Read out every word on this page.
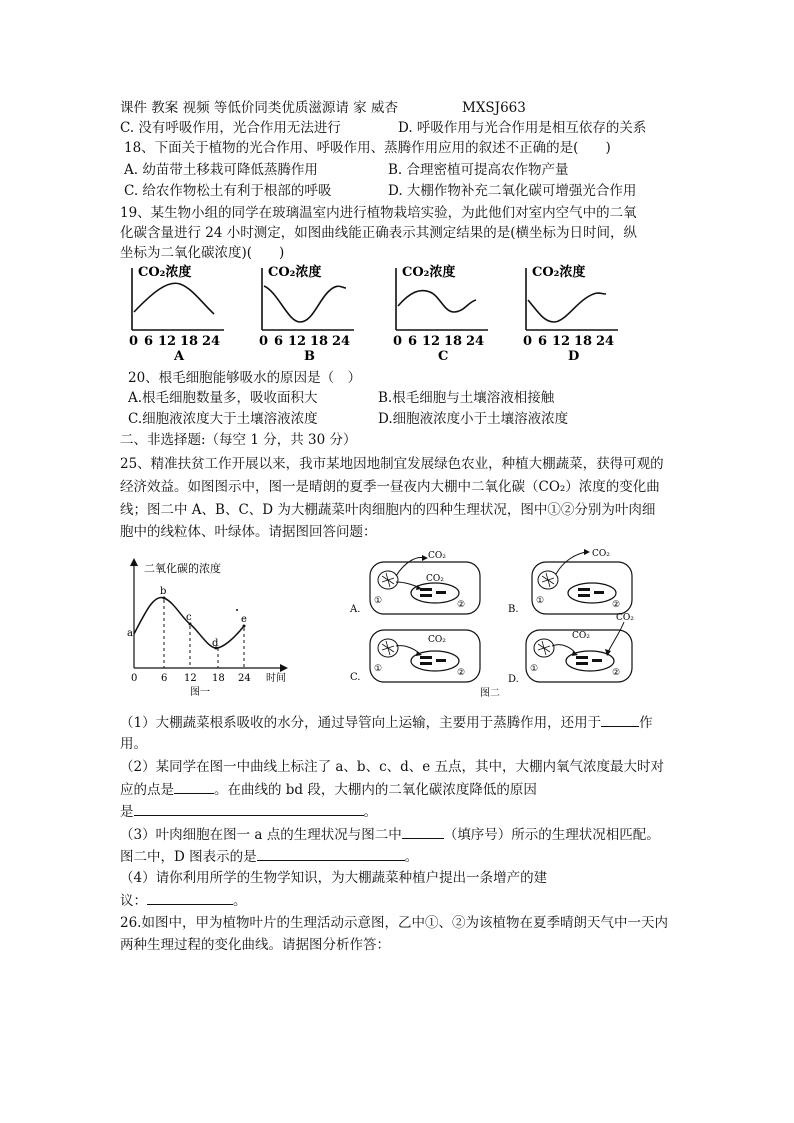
课件 教案 视频 等低价同类优质滋源请 家 威杏	MXSJ663
C. 没有呼吸作用，光合作用无法进行	D. 呼吸作用与光合作用是相互依存的关系
18、下面关于植物的光合作用、呼吸作用、蒸腾作用应用的叙述不正确的是(　　)
A. 幼苗带土移栽可降低蒸腾作用	B. 合理密植可提高农作物产量
C. 给农作物松土有利于根部的呼吸	D. 大棚作物补充二氧化碳可增强光合作用
19、某生物小组的同学在玻璃温室内进行植物栽培实验，为此他们对室内空气中的二氧
化碳含量进行 24 小时测定，如图曲线能正确表示其测定结果的是(横坐标为日时间，纵
坐标为二氧化碳浓度)(　　)
CO₂浓度
0 6 12 18 24
A
CO₂浓度
0 6 12 18 24
B
CO₂浓度
0 6 12 18 24
C
CO₂浓度
0 6 12 18 24
D
20、根毛细胞能够吸水的原因是（　）
A.根毛细胞数量多，吸收面积大	B.根毛细胞与土壤溶液相接触
C.细胞液浓度大于土壤溶液浓度	D.细胞液浓度小于土壤溶液浓度
二、非选择题:（每空 1 分，共 30 分）
25、精准扶贫工作开展以来，我市某地因地制宜发展绿色农业，种植大棚蔬菜，获得可观的
经济效益。如图图示中，图一是晴朗的夏季一昼夜内大棚中二氧化碳（CO₂）浓度的变化曲
线；图二中 A、B、C、D 为大棚蔬菜叶肉细胞内的四种生理状况，图中①②分别为叶肉细
胞中的线粒体、叶绿体。请据图回答问题：
二氧化碳的浓度
a
b
c
d
e
0 6 12 18 24 时间
图一
CO₂
CO₂
①	②
A.
CO₂
①	②
B.
CO₂
①	②
C.
CO₂
CO₂
①	②
D.
图二
（1）大棚蔬菜根系吸收的水分，通过导管向上运输，主要用于蒸腾作用，还用于	作
用。
（2）某同学在图一中曲线上标注了 a、b、c、d、e 五点，其中，大棚内氧气浓度最大时对
应的点是	。在曲线的 bd 段，大棚内的二氧化碳浓度降低的原因
是	。
（3）叶肉细胞在图一 a 点的生理状况与图二中	（填序号）所示的生理状况相匹配。
图二中，D 图表示的是	。
（4）请你利用所学的生物学知识，为大棚蔬菜种植户提出一条增产的建
议：	。
26.如图中，甲为植物叶片的生理活动示意图，乙中①、②为该植物在夏季晴朗天气中一天内
两种生理过程的变化曲线。请据图分析作答：
